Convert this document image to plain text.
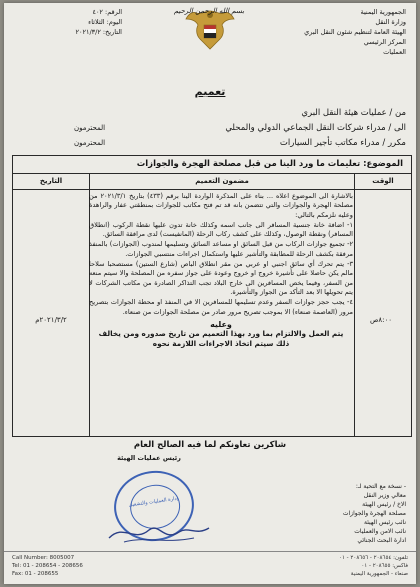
الجمهورية اليمنية
وزارة النقل
الهيئة العامة لتنظيم شئون النقل البري
المركز الرئيسي
العمليات
بسم الله الرحمن الرحيم
الرقم: ٤٠٢
اليوم: الثلاثاء
التاريخ: ٢٠٢١/٣/٢
تعميم
من / عمليات هيئة النقل البري
الى / مدراء شركات النقل الجماعي الدولي والمحلي
المحترمون
مكرر / مدراء مكاتب تأجير السيارات
المحترمون
الموضوع: تعليمات ما ورد الينا من قبل مصلحة الهجرة والجوازات
الوقت
التاريخ	مضمون التعميم

بالاشارة الى الموضوع اعلاه ... بناء على المذكرة الواردة الينا برقم (٤٣٣) بتاريخ ٢٠٢١/٣/١ من مصلحة الهجرة والجوازات والتي تتضمن بانه قد تم فتح مكاتب للجوازات بمنطقتي عفار والراهدة وعليه نلزمكم بالتالي:

١- اضافة خانة جنسية المسافر الى جانب اسمه وكذلك خانة تدون عليها نقطة الركوب (انطلاق المسافر) ونقطة الوصول، وكذلك على كشف ركاب الرحلة (المانفيست) لدى مرافقة السائق.

٢- تجميع جوازات الركاب من قبل السائق او مساعد السائق وتسليمها لمندوب (الجوازات) بالمنفذ مرفقة بكشف الرحلة للمطابقة والتأشير عليها واستكمال اجراءات منتسبي الجوازات.

٣- يتم تحرك أي سائق اجنبي او عربي من مقر انطلاق الباص (شارع الستين) مستصحبا سلاحا مالم يكن حاصلا على تأشيرة خروج او خروج وعودة على جواز سفره من المصلحة والا سيتم منعه من السفر، وفيما يخص المسافرين الى خارج البلاد تجب التذاكر الصادرة من مكاتب الشركات لا يتم تحويلها الا بعد التأكد من الجواز والتأشيرة.

٤- يجب حجز جوازات السفر وعدم تسليمها للمسافرين الا في المنفذ او محطة الجوازات بتصريح مرور (العاصمة صنعاء) الا بموجب تصريح مرور صادر من مصلحة الجوازات من صنعاء.

وعليه
يتم العمل والالتزام بما ورد بهذا التعميم من تاريخ صدوره ومن يخالف
ذلك سيتم اتخاذ الاجراءات اللازمة نحوه
٢٠٢١/٣/٢م	٨:٠٠ص
شاكرين تعاونكم لما فيه الصالح العام
رئيس عمليات الهيئة
إدارة العمليات والتشغيل
- نسخة مع التحية لـ:
معالي وزير النقل
الاخ / رئيس الهيئة
مصلحة الهجرة والجوازات
نائب رئيس الهيئة
نائب الامن والعمليات
ادارة البحث الجنائي
Call Number: 8005007
Tel: 01 - 208654 - 208656
Fax: 01 - 208655
تلفون: ٢٠٨٦٥٤ - ٢٠٨٦٥٦ - ٠١
فاكس: ٢٠٨٦٥٥ - ٠١
صنعاء - الجمهورية اليمنية
